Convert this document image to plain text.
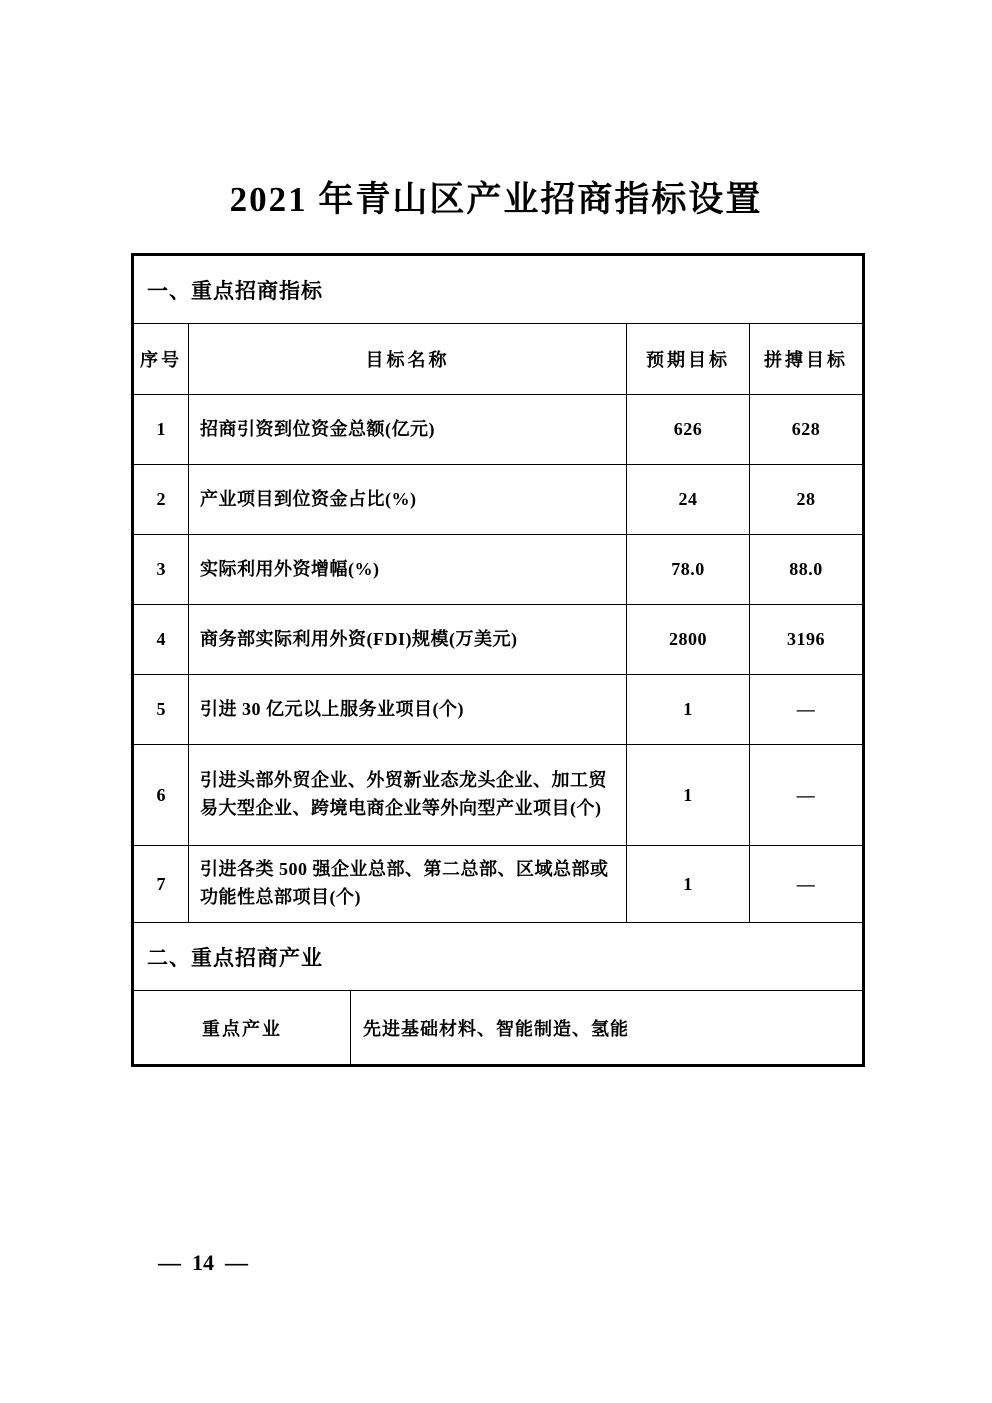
2021 年青山区产业招商指标设置
一、重点招商指标				
序号	目标名称		预期目标	拼搏目标
1	招商引资到位资金总额(亿元)		626	628
2	产业项目到位资金占比(%)		24	28
3	实际利用外资增幅(%)		78.0	88.0
4	商务部实际利用外资(FDI)规模(万美元)		2800	3196
5	引进 30 亿元以上服务业项目(个)		1	—
6	引进头部外贸企业、外贸新业态龙头企业、加工贸易大型企业、跨境电商企业等外向型产业项目(个)		1	—
7	引进各类 500 强企业总部、第二总部、区域总部或功能性总部项目(个)		1	—
二、重点招商产业				
重点产业		先进基础材料、智能制造、氢能		
— 14 —
